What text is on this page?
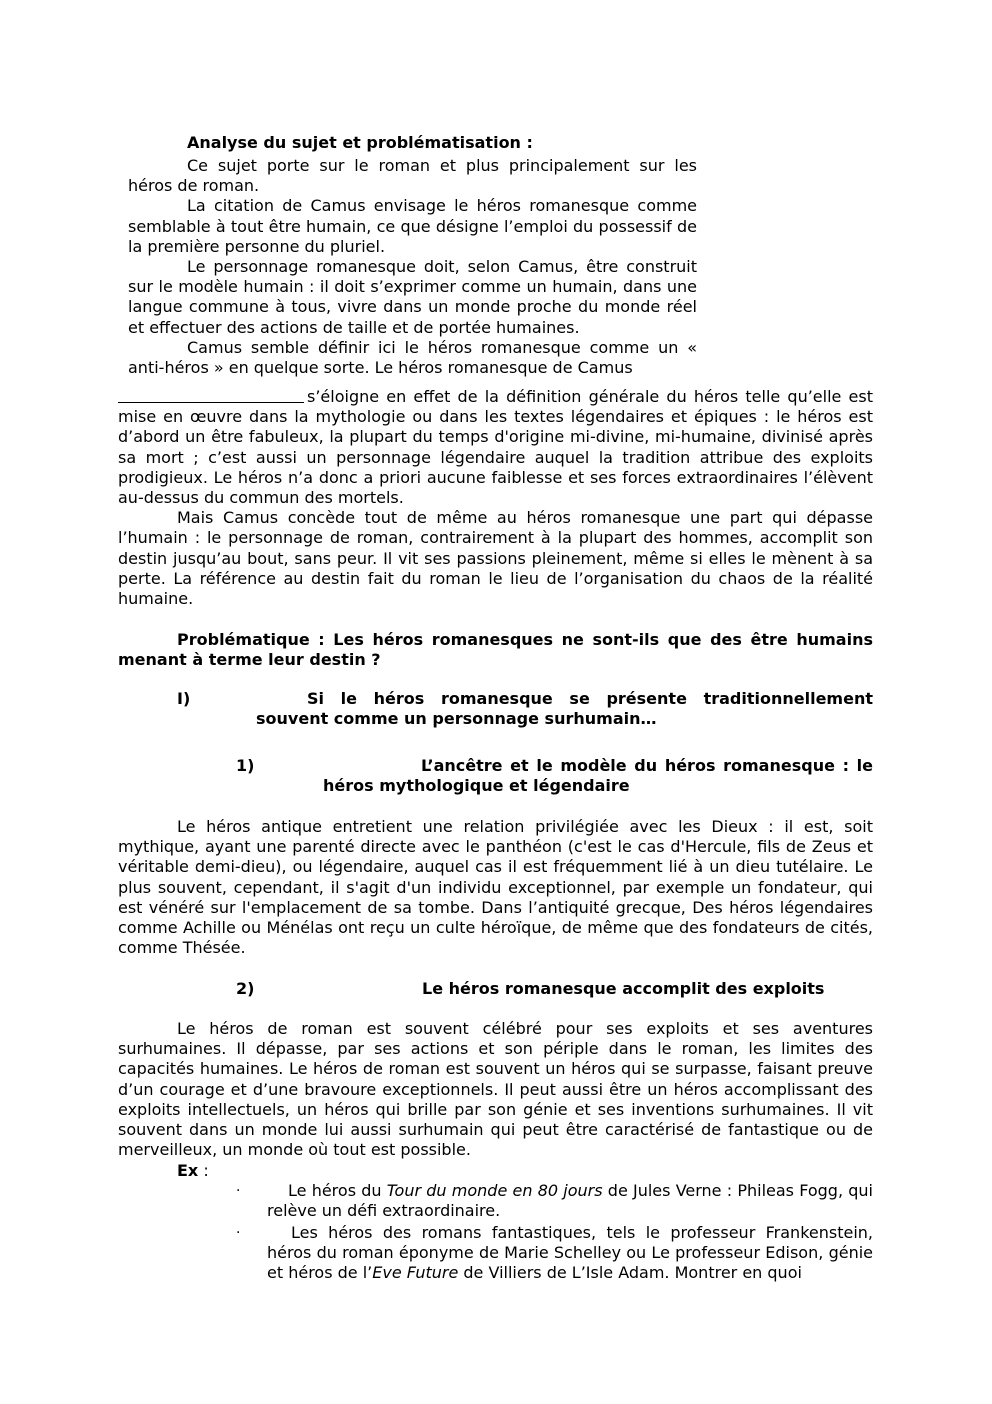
Analyse du sujet et problématisation :

Ce sujet porte sur le roman et plus principalement sur les héros de roman.

La citation de Camus envisage le héros romanesque comme semblable à tout être humain, ce que désigne l’emploi du possessif de la première personne du pluriel.

Le personnage romanesque doit, selon Camus, être construit sur le modèle humain : il doit s’exprimer comme un humain, dans une langue commune à tous, vivre dans un monde proche du monde réel et effectuer des actions de taille et de portée humaines.

Camus semble définir ici le héros romanesque comme un « anti-héros » en quelque sorte. Le héros romanesque de Camus

s’éloigne en effet de la définition générale du héros telle qu’elle est mise en œuvre dans la mythologie ou dans les textes légendaires et épiques : le héros est d’abord un être fabuleux, la plupart du temps d'origine mi-divine, mi-humaine, divinisé après sa mort ; c’est aussi un personnage légendaire auquel la tradition attribue des exploits prodigieux. Le héros n’a donc a priori aucune faiblesse et ses forces extraordinaires l’élèvent au-dessus du commun des mortels.

Mais Camus concède tout de même au héros romanesque une part qui dépasse l’humain : le personnage de roman, contrairement à la plupart des hommes, accomplit son destin jusqu’au bout, sans peur. Il vit ses passions pleinement, même si elles le mènent à sa perte. La référence au destin fait du roman le lieu de l’organisation du chaos de la réalité humaine.

Problématique : Les héros romanesques ne sont-ils que des être humains menant à terme leur destin ?

I)	Si le héros romanesque se présente traditionnellement souvent comme un personnage surhumain…

1)	L’ancêtre et le modèle du héros romanesque : le héros mythologique et légendaire

Le héros antique entretient une relation privilégiée avec les Dieux : il est, soit mythique, ayant une parenté directe avec le panthéon (c'est le cas d'Hercule, fils de Zeus et véritable demi-dieu), ou légendaire, auquel cas il est fréquemment lié à un dieu tutélaire. Le plus souvent, cependant, il s'agit d'un individu exceptionnel, par exemple un fondateur, qui est vénéré sur l'emplacement de sa tombe. Dans l’antiquité grecque, Des héros légendaires comme Achille ou Ménélas ont reçu un culte héroïque, de même que des fondateurs de cités, comme Thésée.

2)	Le héros romanesque accomplit des exploits

Le héros de roman est souvent célébré pour ses exploits et ses aventures surhumaines. Il dépasse, par ses actions et son périple dans le roman, les limites des capacités humaines. Le héros de roman est souvent un héros qui se surpasse, faisant preuve d’un courage et d’une bravoure exceptionnels. Il peut aussi être un héros accomplissant des exploits intellectuels, un héros qui brille par son génie et ses inventions surhumaines. Il vit souvent dans un monde lui aussi surhumain qui peut être caractérisé de fantastique ou de merveilleux, un monde où tout est possible.

Ex :
·	Le héros du Tour du monde en 80 jours de Jules Verne : Phileas Fogg, qui relève un défi extraordinaire.

·	Les héros des romans fantastiques, tels le professeur Frankenstein, héros du roman éponyme de Marie Schelley ou Le professeur Edison, génie et héros de l’Eve Future de Villiers de L’Isle Adam. Montrer en quoi
